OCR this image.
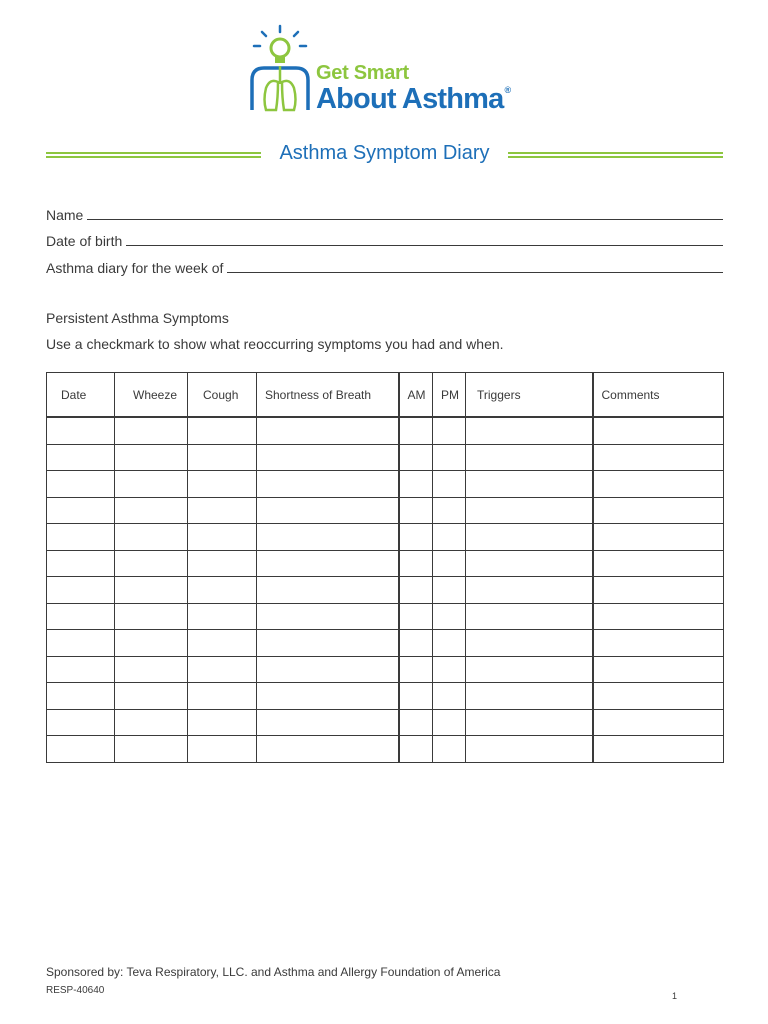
Get Smart
About Asthma®
Asthma Symptom Diary
Name
Date of birth
Asthma diary for the week of
Persistent Asthma Symptoms
Use a checkmark to show what reoccurring symptoms you had and when.
Date	Wheeze	Cough	Shortness of Breath	AM	PM	Triggers	Comments

Sponsored by: Teva Respiratory, LLC. and Asthma and Allergy Foundation of America
RESP-40640	1
